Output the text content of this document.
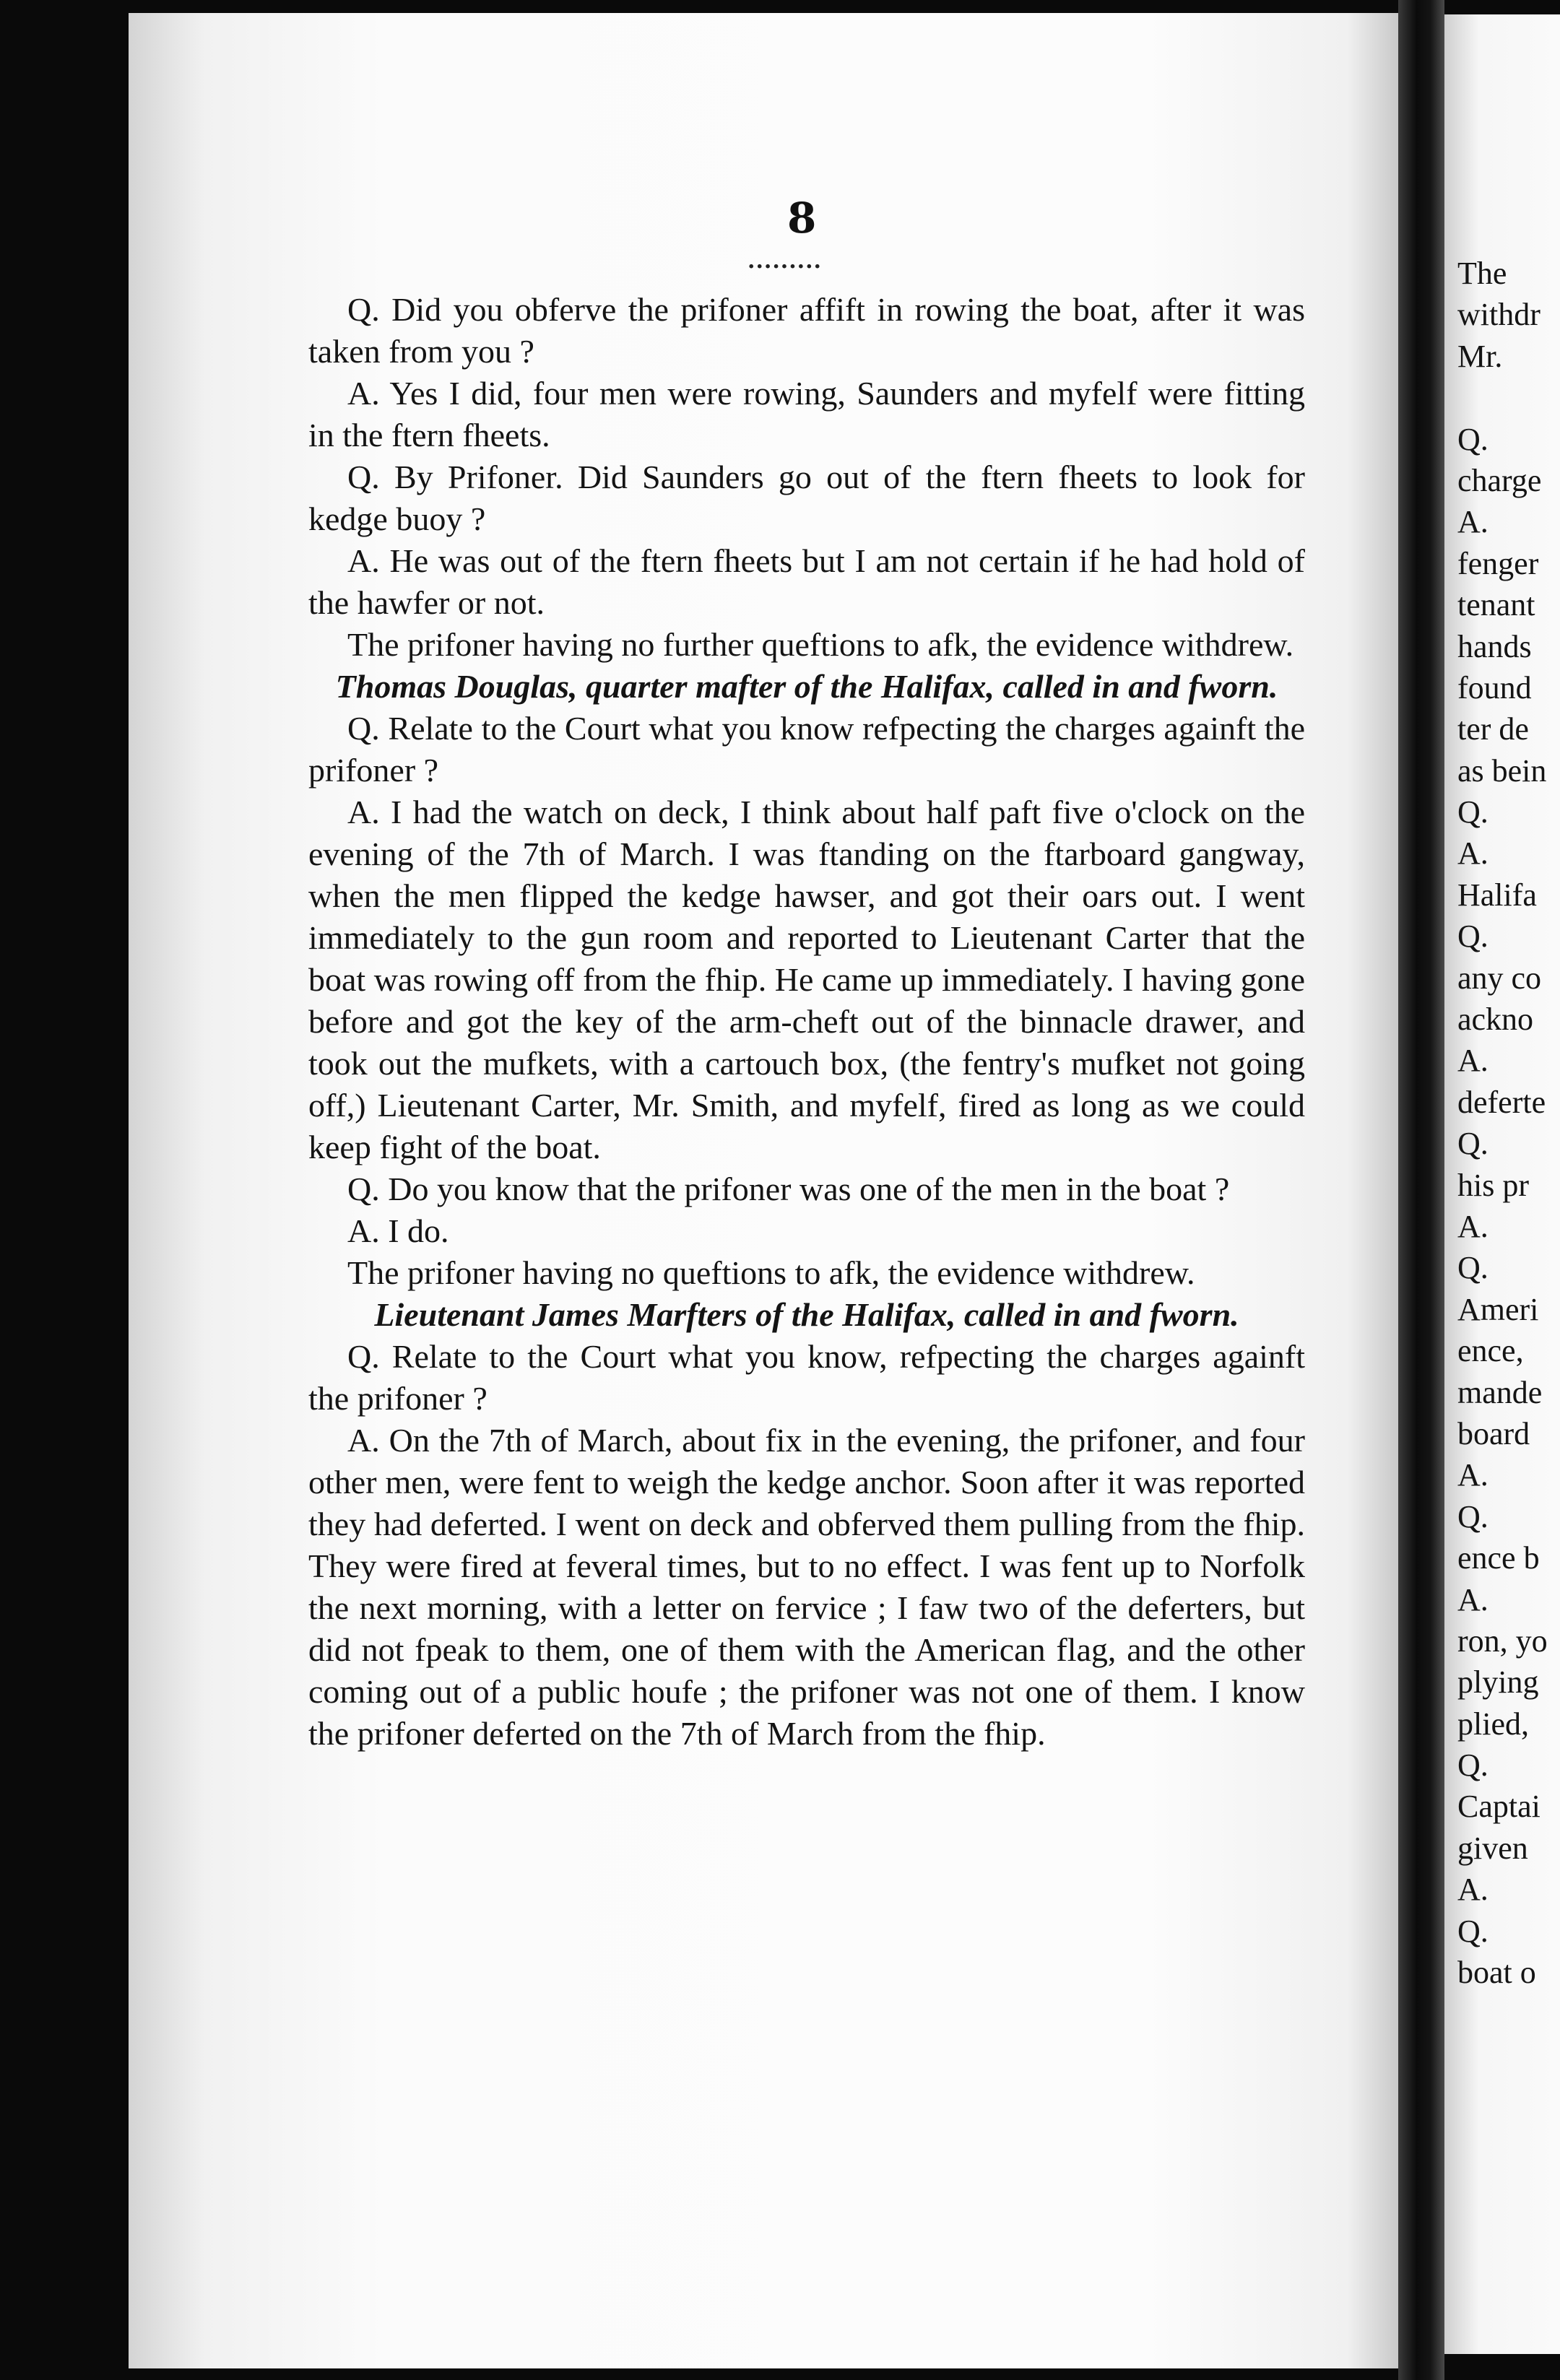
8
.........

Q. Did you obferve the prifoner affift in rowing the boat, after it was taken from you ?

A. Yes I did, four men were rowing, Saunders and myfelf were fitting in the ftern fheets.

Q. By Prifoner. Did Saunders go out of the ftern fheets to look for kedge buoy ?

A. He was out of the ftern fheets but I am not certain if he had hold of the hawfer or not.

The prifoner having no further queftions to afk, the evidence withdrew.

Thomas Douglas, quarter mafter of the Halifax, called in and fworn.

Q. Relate to the Court what you know refpecting the charges againft the prifoner ?

A. I had the watch on deck, I think about half paft five o'clock on the evening of the 7th of March. I was ftanding on the ftarboard gangway, when the men flipped the kedge hawser, and got their oars out. I went immediately to the gun room and reported to Lieutenant Carter that the boat was rowing off from the fhip. He came up immediately. I having gone before and got the key of the arm-cheft out of the binnacle drawer, and took out the mufkets, with a cartouch box, (the fentry's mufket not going off,) Lieutenant Carter, Mr. Smith, and myfelf, fired as long as we could keep fight of the boat.

Q. Do you know that the prifoner was one of the men in the boat ?

A. I do.

The prifoner having no queftions to afk, the evidence withdrew.

Lieutenant James Marfters of the Halifax, called in and fworn.

Q. Relate to the Court what you know, refpecting the charges againft the prifoner ?

A. On the 7th of March, about fix in the evening, the prifoner, and four other men, were fent to weigh the kedge anchor. Soon after it was reported they had deferted. I went on deck and obferved them pulling from the fhip. They were fired at feveral times, but to no effect. I was fent up to Norfolk the next morning, with a letter on fervice ; I faw two of the deferters, but did not fpeak to them, one of them with the American flag, and the other coming out of a public houfe ; the prifoner was not one of them. I know the prifoner deferted on the 7th of March from the fhip.

The
withdr
Mr.
Q.
charge
A.
fenger
tenant
hands
found
ter de
as bein
Q.
A.
Halifa
Q.
any co
ackno
A.
deferte
Q.
his pr
A.
Q.
Ameri
ence,
mande
board
A.
Q.
ence b
A.
ron, yo
plying
plied,
Q.
Captai
given
A.
Q.
boat o
